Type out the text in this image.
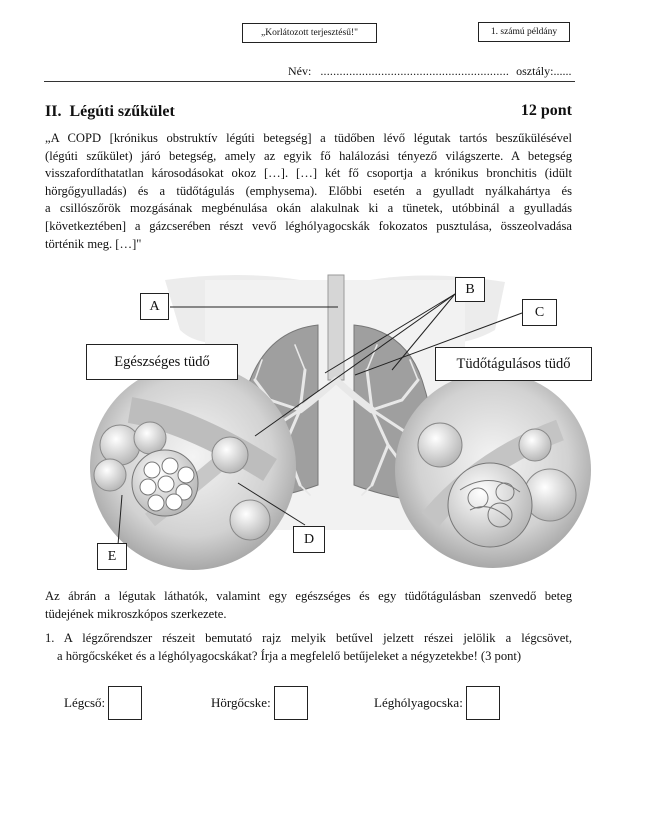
„Korlátozott terjesztésű!"	1. számú példány
Név: ........................................................... osztály:......
II.  Légúti szűkület	12 pont
„A COPD [krónikus obstruktív légúti betegség] a tüdőben lévő légutak tartós beszűkülésével
(légúti szűkület) járó betegség, amely az egyik fő halálozási tényező világszerte. A betegség
visszafordíthatatlan károsodásokat okoz […]. […] két fő csoportja a krónikus bronchitis (idült
hörgőgyulladás) és a tüdőtágulás (emphysema). Előbbi esetén a gyulladt nyálkahártya és
a csillószőrök mozgásának megbénulása okán alakulnak ki a tünetek, utóbbinál a gyulladás
[következtében] a gázcserében részt vevő léghólyagocskák fokozatos pusztulása, összeolvadása
történik meg. […]"
A
B
C
D
E
Egészséges tüdő	Tüdőtágulásos tüdő
Az ábrán a légutak láthatók, valamint egy egészséges és egy tüdőtágulásban szenvedő beteg
tüdejének mikroszkópos szerkezete.
1. A légzőrendszer részeit bemutató rajz melyik betűvel jelzett részei jelölik a légcsövet,
a hörgőcskéket és a léghólyagocskákat? Írja a megfelelő betűjeleket a négyzetekbe! (3 pont)
Légcső:	Hörgőcske:	Léghólyagocska:
